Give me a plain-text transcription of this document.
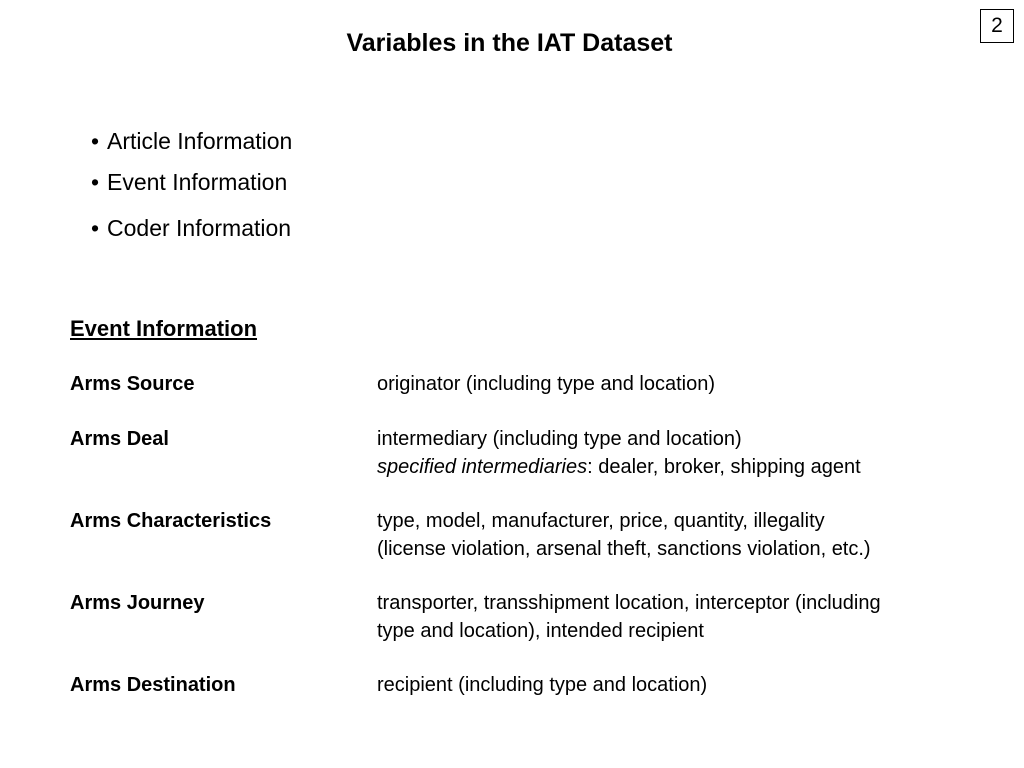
2
Variables in the IAT Dataset
• Article Information
• Event Information
• Coder Information
Event Information
Arms Source	originator (including type and location)
Arms Deal	intermediary (including type and location)
specified intermediaries: dealer, broker, shipping agent
Arms Characteristics	type, model, manufacturer, price, quantity, illegality
(license violation, arsenal theft, sanctions violation, etc.)
Arms Journey	transporter, transshipment location, interceptor (including
type and location), intended recipient
Arms Destination	recipient (including type and location)
